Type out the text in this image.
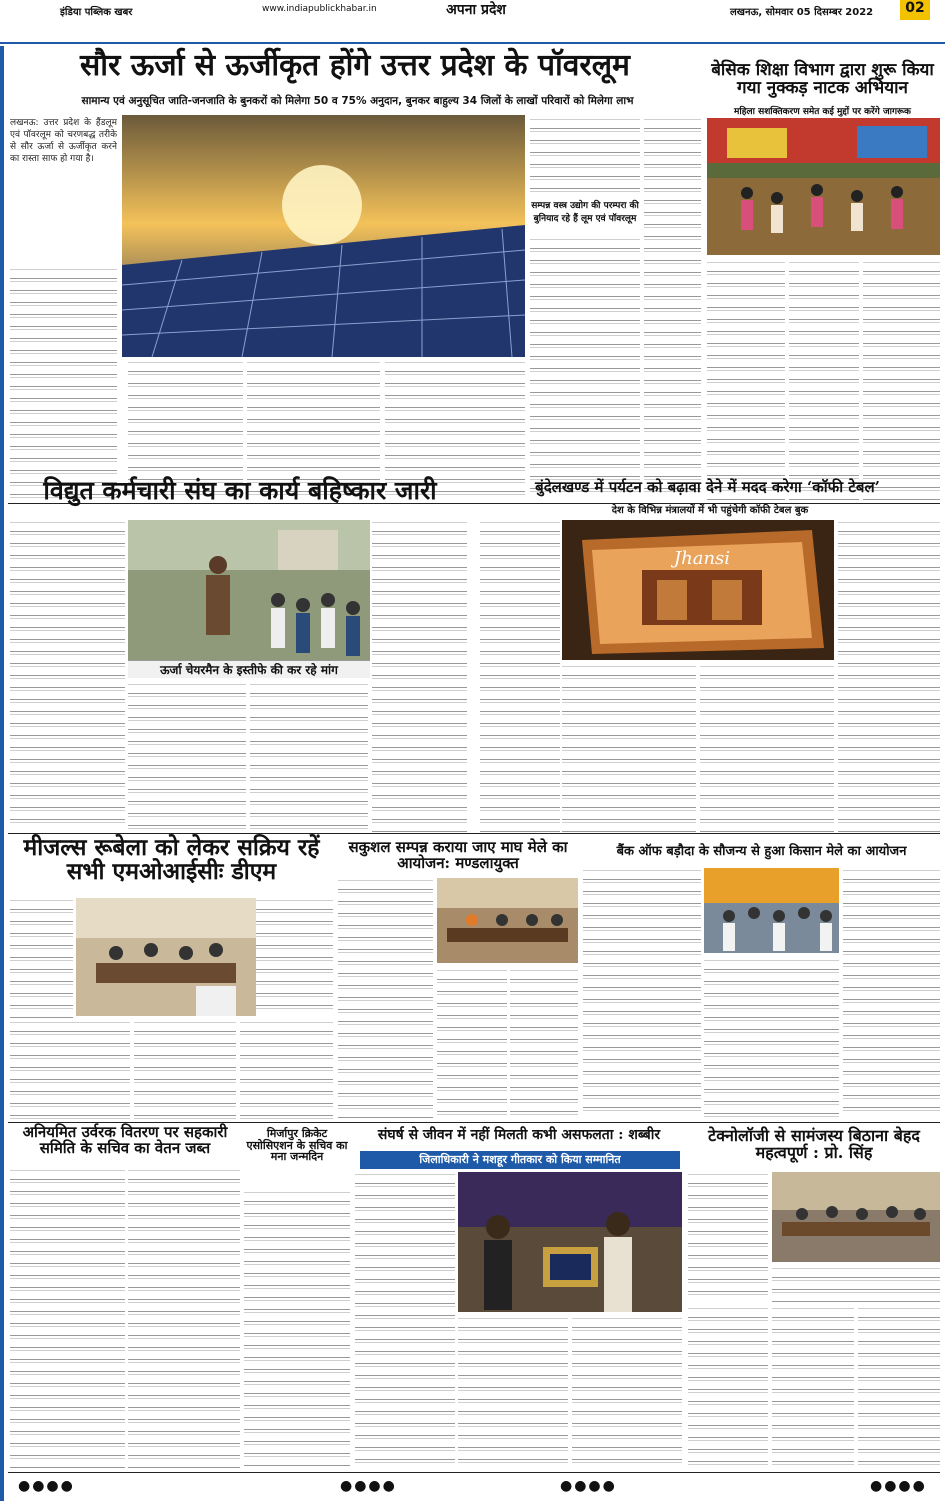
इंडिया पब्लिक खबर	www.indiapublickhabar.in	अपना प्रदेश	लखनऊ, सोमवार 05 दिसम्बर 2022	02
सौर ऊर्जा से ऊर्जीकृत होंगे उत्तर प्रदेश के पॉवरलूम
सामान्य एवं अनुसूचित जाति-जनजाति के बुनकरों को मिलेगा 50 व 75% अनुदान, बुनकर बाहुल्य 34 जिलों के लाखों परिवारों को मिलेगा लाभ
लखनऊ: उत्तर प्रदेश के हैंडलूम एवं पॉवरलूम को चरणबद्ध तरीके से सौर ऊर्जा से ऊर्जीकृत करने का रास्ता साफ हो गया है।
सम्पन्न वस्त्र उद्योग की परम्परा की बुनियाद रहे हैं लूम एवं पॉवरलूम
बेसिक शिक्षा विभाग द्वारा शुरू किया गया नुक्कड़ नाटक अभियान
महिला सशक्तिकरण समेत कई मुद्दों पर करेंगे जागरूक
विद्युत कर्मचारी संघ का कार्य बहिष्कार जारी
ऊर्जा चेयरमैन के इस्तीफे की कर रहे मांग
बुंदेलखण्ड में पर्यटन को बढ़ावा देने में मदद करेगा ‘कॉफी टेबल’
देश के विभिन्न मंत्रालयों में भी पहुंचेगी कॉफी टेबल बुक
Jhansi
मीजल्स रूबेला को लेकर सक्रिय रहें सभी एमओआईसीः डीएम
सकुशल सम्पन्न कराया जाए माघ मेले का आयोजन: मण्डलायुक्त
बैंक ऑफ बड़ौदा के सौजन्य से हुआ किसान मेले का आयोजन
अनियमित उर्वरक वितरण पर सहकारी समिति के सचिव का वेतन जब्त
मिर्जापुर क्रिकेट एसोसिएशन के सचिव का मना जन्मदिन
संघर्ष से जीवन में नहीं मिलती कभी असफलता : शब्बीर
जिलाधिकारी ने मशहूर गीतकार को किया सम्मानित
टेक्नोलॉजी से सामंजस्य बिठाना बेहद महत्वपूर्ण : प्रो. सिंह
●●●●	●●●●	●●●●	●●●●
